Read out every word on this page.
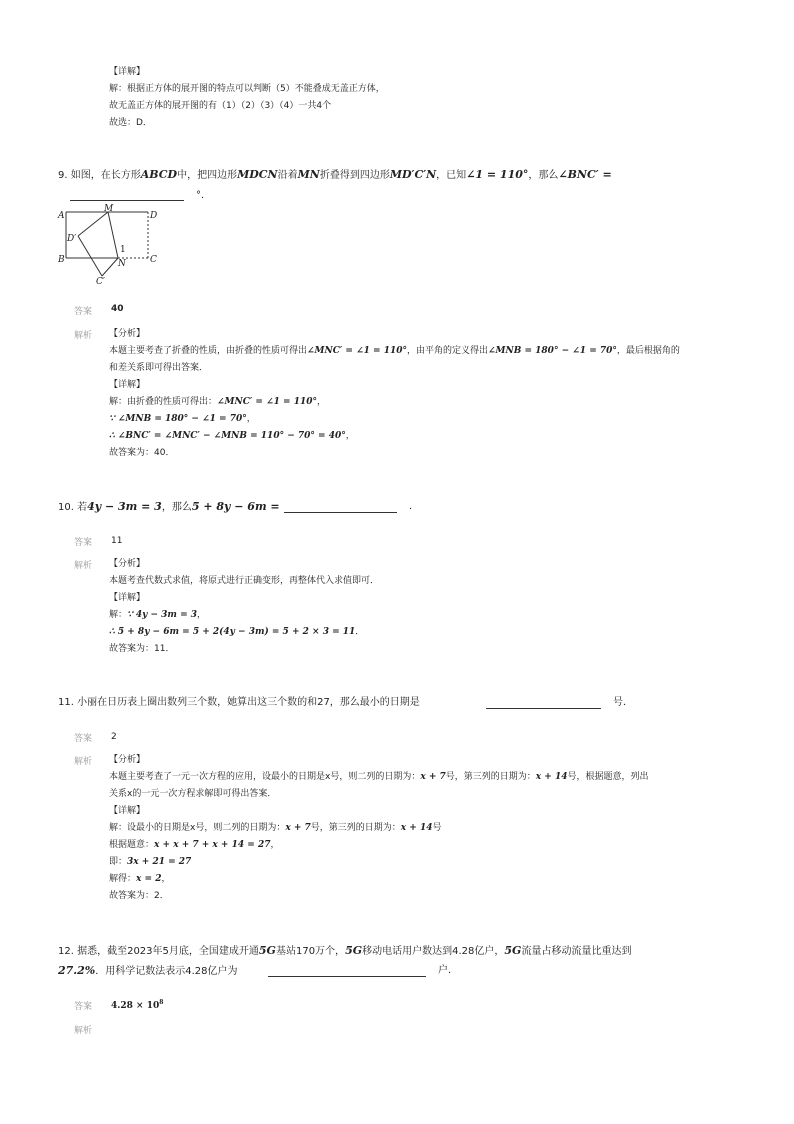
【详解】
解：根据正方体的展开图的特点可以判断（5）不能叠成无盖正方体，
故无盖正方体的展开图的有（1）（2）（3）（4）一共4个
故选：D．
9. 如图，在长方形ABCD中，把四边形MDCN沿着MN折叠得到四边形MD′C′N，已知∠1 = 110°，那么∠BNC′ =
°．
A
M
D
D′
1
B	N	C
C′
答案 40
解析 【分析】
本题主要考查了折叠的性质，由折叠的性质可得出∠MNC′ = ∠1 = 110°，由平角的定义得出∠MNB = 180° − ∠1 = 70°，最后根据角的
和差关系即可得出答案．
【详解】
解：由折叠的性质可得出：∠MNC′ = ∠1 = 110°，
∵ ∠MNB = 180° − ∠1 = 70°，
∴ ∠BNC′ = ∠MNC′ − ∠MNB = 110° − 70° = 40°，
故答案为：40．
10. 若4y − 3m = 3，那么5 + 8y − 6m =	．
答案 11
解析 【分析】
本题考查代数式求值，将原式进行正确变形，再整体代入求值即可．
【详解】
解：∵ 4y − 3m = 3，
∴ 5 + 8y − 6m = 5 + 2(4y − 3m) = 5 + 2 × 3 = 11．
故答案为：11．
11. 小丽在日历表上圈出数列三个数，她算出这三个数的和27，那么最小的日期是	号．
答案 2
解析 【分析】
本题主要考查了一元一次方程的应用，设最小的日期是x号，则二列的日期为：x + 7号，第三列的日期为：x + 14号，根据题意，列出
关系x的一元一次方程求解即可得出答案．
【详解】
解：设最小的日期是x号，则二列的日期为：x + 7号，第三列的日期为：x + 14号
根据题意：x + x + 7 + x + 14 = 27，
即：3x + 21 = 27
解得：x = 2，
故答案为：2．
12. 据悉，截至2023年5月底，全国建成开通5G基站170万个，5G移动电话用户数达到4.28亿户，5G流量占移动流量比重达到
27.2%．用科学记数法表示4.28亿户为	户．
答案 $4.28 \times 10^8$
解析
